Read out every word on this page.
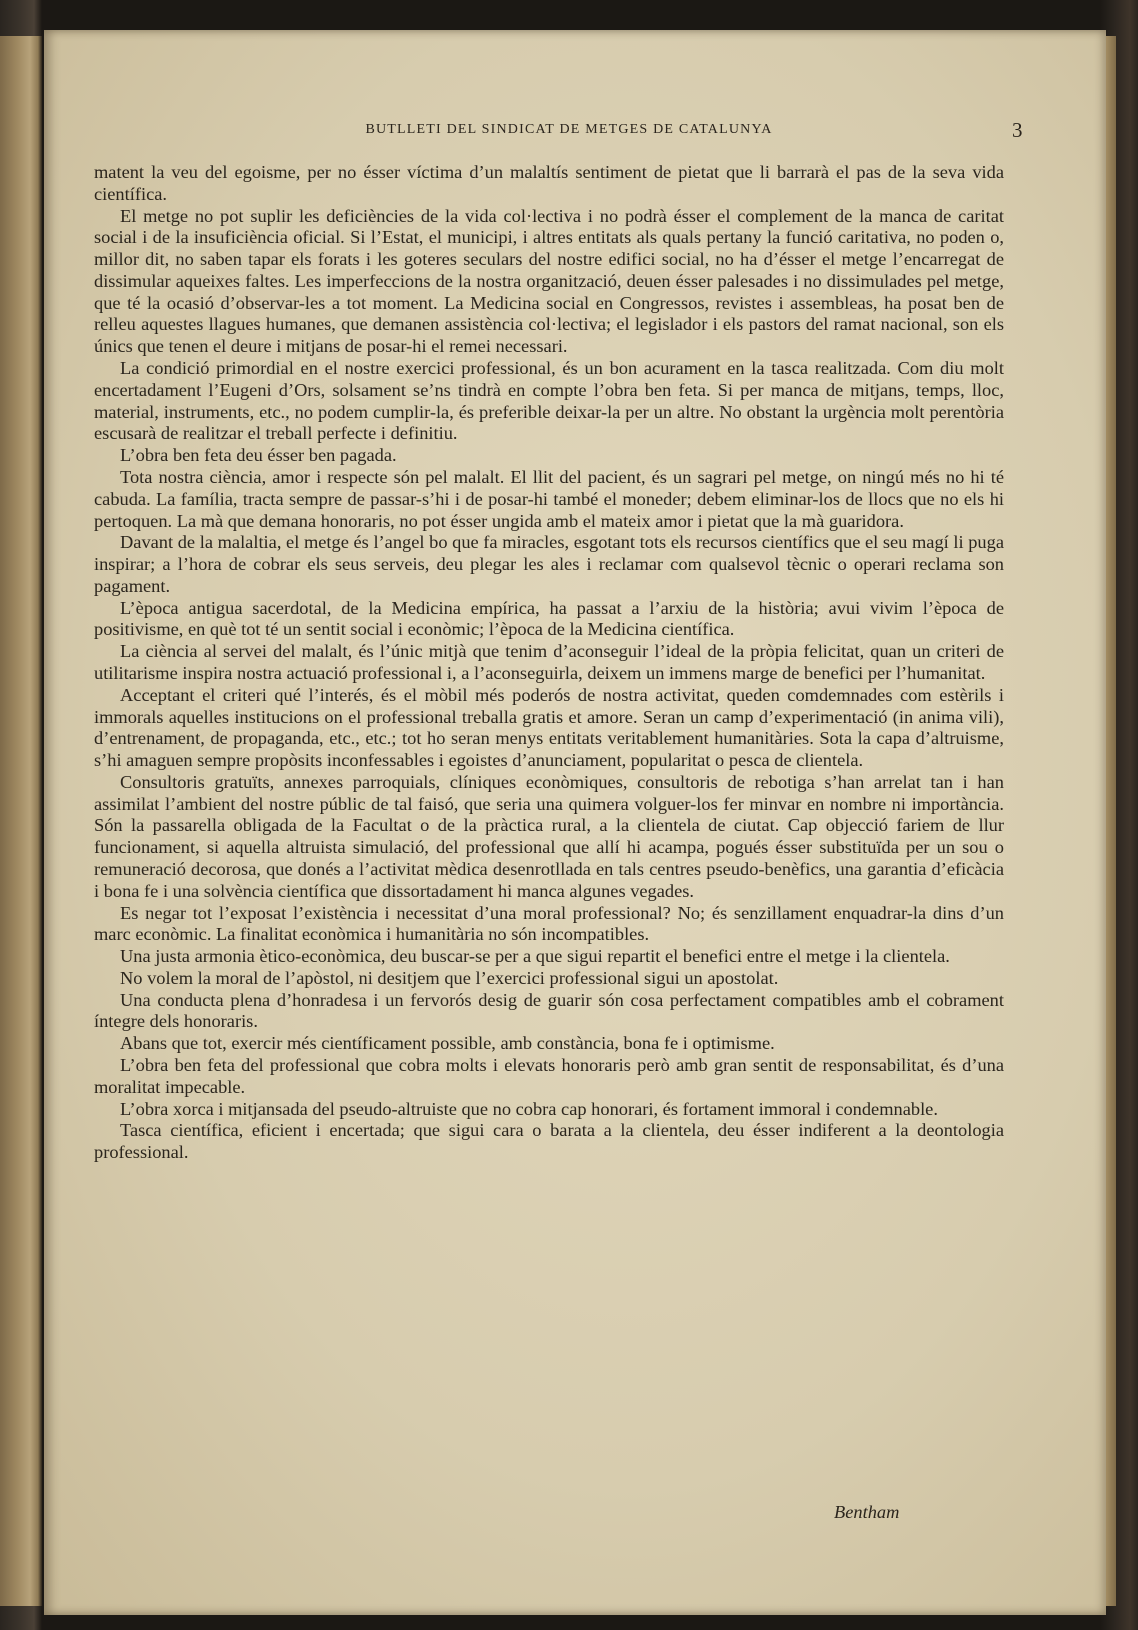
BUTLLETI DEL SINDICAT DE METGES DE CATALUNYA	3

matent la veu del egoisme, per no ésser víctima d’un malaltís sentiment de pietat que li barrarà el pas de la seva vida científica.

El metge no pot suplir les deficiències de la vida col·lectiva i no podrà ésser el complement de la manca de caritat social i de la insuficiència oficial. Si l’Estat, el municipi, i altres entitats als quals pertany la funció caritativa, no poden o, millor dit, no saben tapar els forats i les goteres seculars del nostre edifici social, no ha d’ésser el metge l’encarregat de dissimular aqueixes faltes. Les imperfeccions de la nostra organització, deuen ésser palesades i no dissimulades pel metge, que té la ocasió d’observar-les a tot moment. La Medicina social en Congressos, revistes i assembleas, ha posat ben de relleu aquestes llagues humanes, que demanen assistència col·lectiva; el legislador i els pastors del ramat nacional, son els únics que tenen el deure i mitjans de posar-hi el remei necessari.

La condició primordial en el nostre exercici professional, és un bon acurament en la tasca realitzada. Com diu molt encertadament l’Eugeni d’Ors, solsament se’ns tindrà en compte l’obra ben feta. Si per manca de mitjans, temps, lloc, material, instruments, etc., no podem cumplir-la, és preferible deixar-la per un altre. No obstant la urgència molt perentòria escusarà de realitzar el treball perfecte i definitiu.

L’obra ben feta deu ésser ben pagada.

Tota nostra ciència, amor i respecte són pel malalt. El llit del pacient, és un sagrari pel metge, on ningú més no hi té cabuda. La família, tracta sempre de passar-s’hi i de posar-hi també el moneder; debem eliminar-los de llocs que no els hi pertoquen. La mà que demana honoraris, no pot ésser ungida amb el mateix amor i pietat que la mà guaridora.

Davant de la malaltia, el metge és l’angel bo que fa miracles, esgotant tots els recursos científics que el seu magí li puga inspirar; a l’hora de cobrar els seus serveis, deu plegar les ales i reclamar com qualsevol tècnic o operari reclama son pagament.

L’època antigua sacerdotal, de la Medicina empírica, ha passat a l’arxiu de la història; avui vivim l’època de positivisme, en què tot té un sentit social i econòmic; l’època de la Medicina científica.

La ciència al servei del malalt, és l’únic mitjà que tenim d’aconseguir l’ideal de la pròpia felicitat, quan un criteri de utilitarisme inspira nostra actuació professional i, a l’aconseguirla, deixem un immens marge de benefici per l’humanitat.

Acceptant el criteri qué l’interés, és el mòbil més poderós de nostra activitat, queden comdemnades com estèrils i immorals aquelles institucions on el professional treballa gratis et amore. Seran un camp d’experimentació (in anima vili), d’entrenament, de propaganda, etc., etc.; tot ho seran menys entitats veritablement humanitàries. Sota la capa d’altruisme, s’hi amaguen sempre propòsits inconfessables i egoistes d’anunciament, popularitat o pesca de clientela.

Consultoris gratuïts, annexes parroquials, clíniques econòmiques, consultoris de rebotiga s’han arrelat tan i han assimilat l’ambient del nostre públic de tal faisó, que seria una quimera volguer-los fer minvar en nombre ni importància. Són la passarella obligada de la Facultat o de la pràctica rural, a la clientela de ciutat. Cap objecció fariem de llur funcionament, si aquella altruista simulació, del professional que allí hi acampa, pogués ésser substituïda per un sou o remuneració decorosa, que donés a l’activitat mèdica desenrotllada en tals centres pseudo-benèfics, una garantia d’eficàcia i bona fe i una solvència científica que dissortadament hi manca algunes vegades.

Es negar tot l’exposat l’existència i necessitat d’una moral professional? No; és senzillament enquadrar-la dins d’un marc econòmic. La finalitat econòmica i humanitària no són incompatibles.

Una justa armonia ètico-econòmica, deu buscar-se per a que sigui repartit el benefici entre el metge i la clientela.

No volem la moral de l’apòstol, ni desitjem que l’exercici professional sigui un apostolat.

Una conducta plena d’honradesa i un fervorós desig de guarir són cosa perfectament compatibles amb el cobrament íntegre dels honoraris.

Abans que tot, exercir més científicament possible, amb constància, bona fe i optimisme.

L’obra ben feta del professional que cobra molts i elevats honoraris però amb gran sentit de responsabilitat, és d’una moralitat impecable.

L’obra xorca i mitjansada del pseudo-altruiste que no cobra cap honorari, és fortament immoral i condemnable.

Tasca científica, eficient i encertada; que sigui cara o barata a la clientela, deu ésser indiferent a la deontologia professional.

Bentham
